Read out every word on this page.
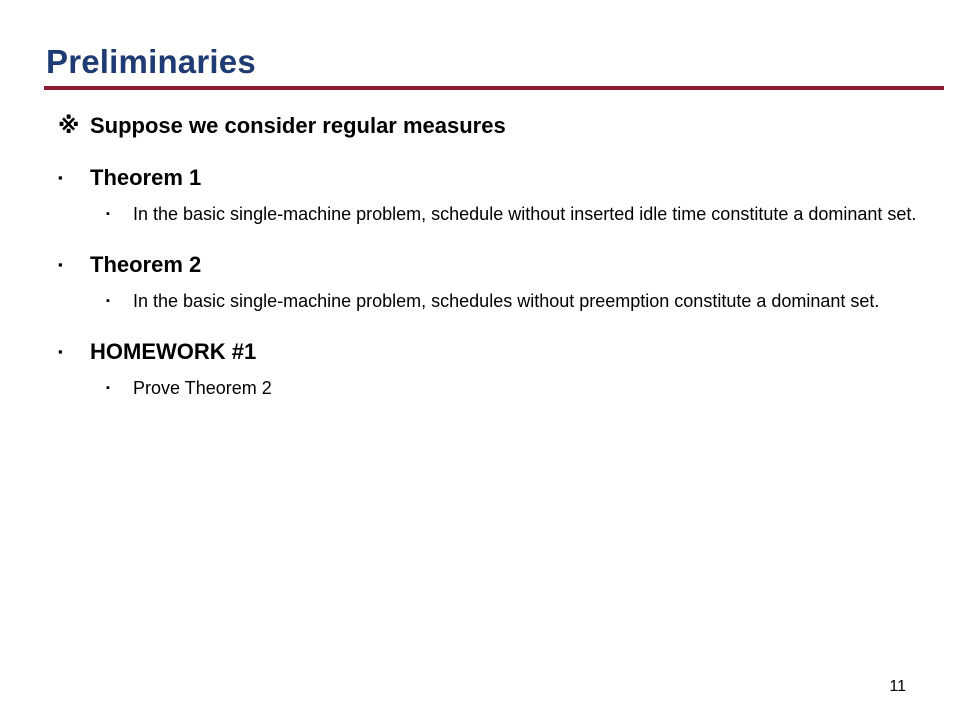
Preliminaries
※ Suppose we consider regular measures
▪	Theorem 1
▪	In the basic single-machine problem, schedule without inserted idle time constitute a dominant set.
▪	Theorem 2
▪	In the basic single-machine problem, schedules without preemption constitute a dominant set.
▪	HOMEWORK #1
▪	Prove Theorem 2
11
